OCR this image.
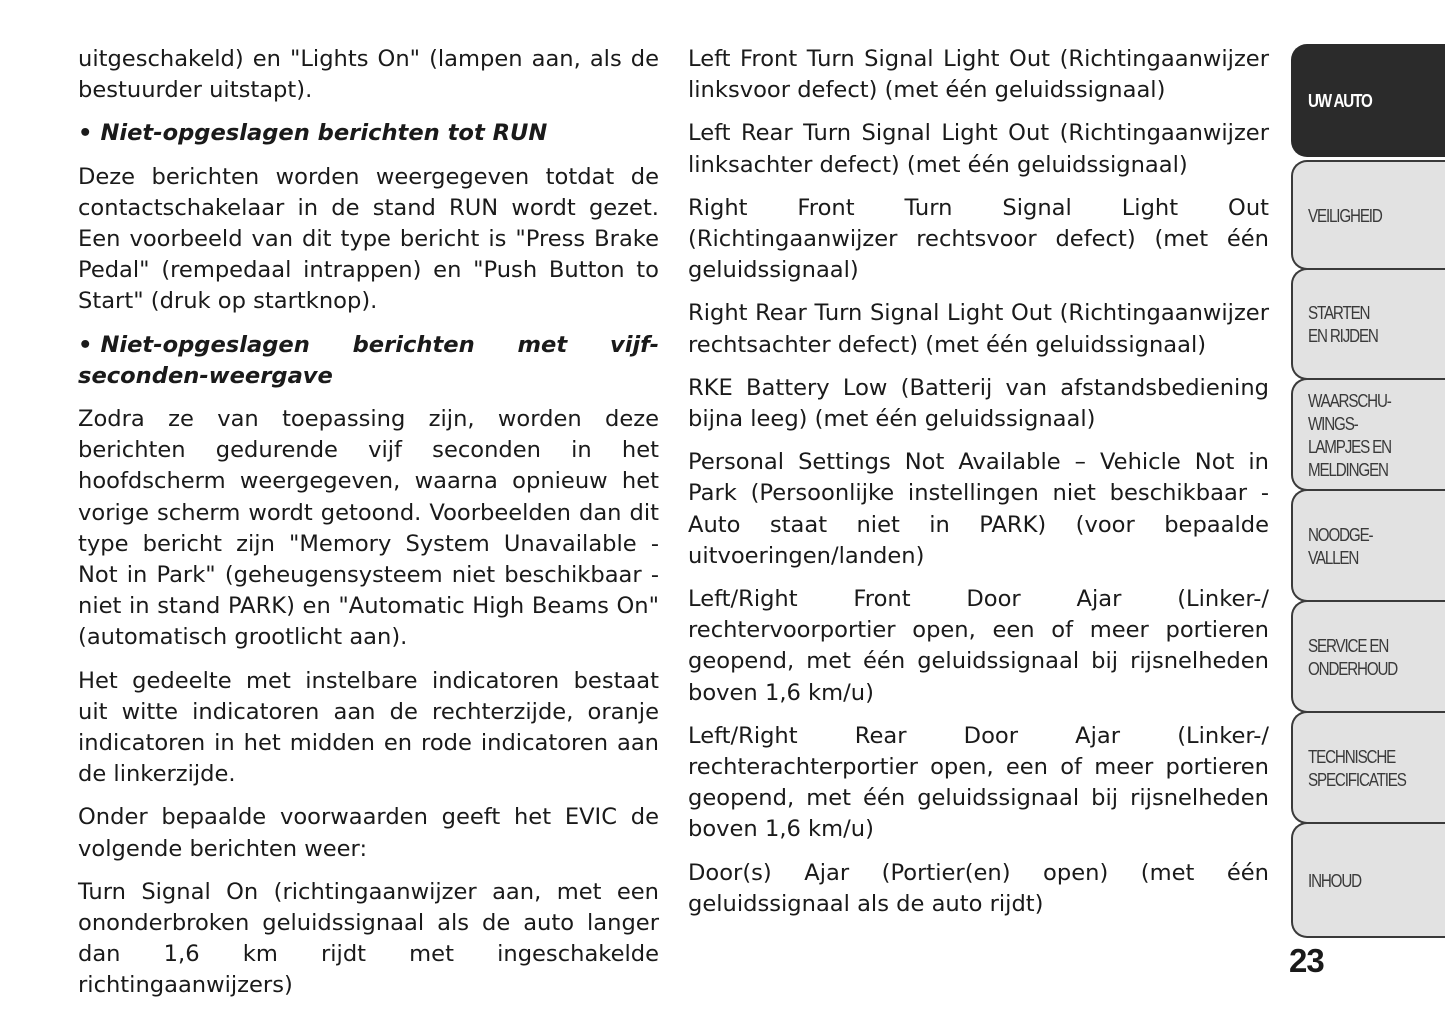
uitgeschakeld) en "Lights On" (lampen aan, als de bestuurder uitstapt).

• Niet-opgeslagen berichten tot RUN

Deze berichten worden weergegeven totdat de contactschakelaar in de stand RUN wordt gezet. Een voorbeeld van dit type bericht is "Press Brake Pedal" (rempedaal intrappen) en "Push Button to Start" (druk op startknop).

• Niet-opgeslagen berichten met vijf-seconden-weergave

Zodra ze van toepassing zijn, worden deze berichten gedurende vijf seconden in het hoofdscherm weergegeven, waarna opnieuw het vorige scherm wordt getoond. Voorbeelden dan dit type bericht zijn "Memory System Unavailable - Not in Park" (geheugensysteem niet beschikbaar - niet in stand PARK) en "Automatic High Beams On" (automatisch grootlicht aan).

Het gedeelte met instelbare indicatoren bestaat uit witte indicatoren aan de rechterzijde, oranje indicatoren in het midden en rode indicatoren aan de linkerzijde.

Onder bepaalde voorwaarden geeft het EVIC de volgende berichten weer:

Turn Signal On (richtingaanwijzer aan, met een ononderbroken geluidssignaal als de auto langer dan 1,6 km rijdt met ingeschakelde richtingaanwijzers)

Left Front Turn Signal Light Out (Richtingaanwijzer linksvoor defect) (met één geluidssignaal)

Left Rear Turn Signal Light Out (Richtingaanwijzer linksachter defect) (met één geluidssignaal)

Right Front Turn Signal Light Out (Richtingaanwijzer rechtsvoor defect) (met één geluidssignaal)

Right Rear Turn Signal Light Out (Richtingaanwijzer rechtsachter defect) (met één geluidssignaal)

RKE Battery Low (Batterij van afstandsbediening bijna leeg) (met één geluidssignaal)

Personal Settings Not Available – Vehicle Not in Park (Persoonlijke instellingen niet beschikbaar - Auto staat niet in PARK) (voor bepaalde uitvoeringen/landen)

Left/Right Front Door Ajar (Linker-/
rechtervoorportier open, een of meer portieren geopend, met één geluidssignaal bij rijsnelheden boven 1,6 km/u)

Left/Right Rear Door Ajar (Linker-/
rechterachterportier open, een of meer portieren geopend, met één geluidssignaal bij rijsnelheden boven 1,6 km/u)

Door(s) Ajar (Portier(en) open) (met één geluidssignaal als de auto rijdt)

UW AUTO
VEILIGHEID
STARTEN
EN RIJDEN
WAARSCHU-
WINGS-
LAMPJES EN
MELDINGEN
NOODGE-
VALLEN
SERVICE EN
ONDERHOUD
TECHNISCHE
SPECIFICATIES
INHOUD
23
